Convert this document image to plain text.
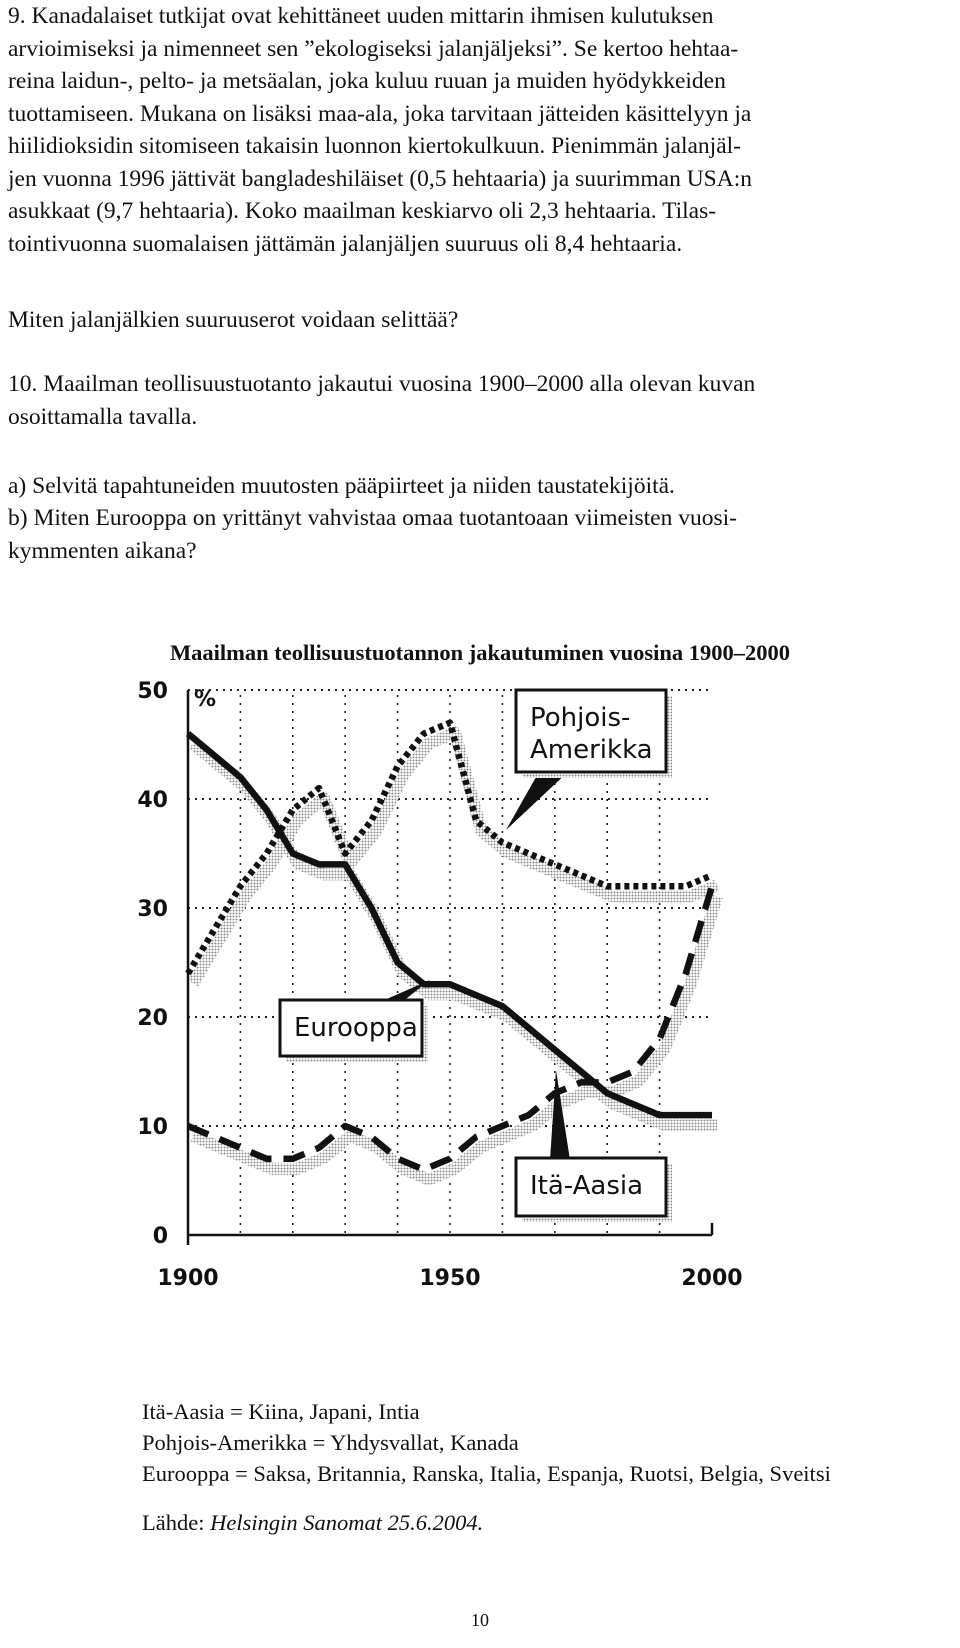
9. Kanadalaiset tutkijat ovat kehittäneet uuden mittarin ihmisen kulutuksen

arvioimiseksi ja nimenneet sen ”ekologiseksi jalanjäljeksi”. Se kertoo hehtaa-

reina laidun-, pelto- ja metsäalan, joka kuluu ruuan ja muiden hyödykkeiden

tuottamiseen. Mukana on lisäksi maa-ala, joka tarvitaan jätteiden käsittelyyn ja

hiilidioksidin sitomiseen takaisin luonnon kiertokulkuun. Pienimmän jalanjäl-

jen vuonna 1996 jättivät bangladeshiläiset (0,5 hehtaaria) ja suurimman USA:n

asukkaat (9,7 hehtaaria). Koko maailman keskiarvo oli 2,3 hehtaaria. Tilas-

tointivuonna suomalaisen jättämän jalanjäljen suuruus oli 8,4 hehtaaria.

Miten jalanjälkien suuruuserot voidaan selittää?

10. Maailman teollisuustuotanto jakautui vuosina 1900–2000 alla olevan kuvan

osoittamalla tavalla.

a) Selvitä tapahtuneiden muutosten pääpiirteet ja niiden taustatekijöitä.

b) Miten Eurooppa on yrittänyt vahvistaa omaa tuotantoaan viimeisten vuosi-

kymmenten aikana?

Maailman teollisuustuotannon jakautuminen vuosina 1900–2000
50
40
30
20
10
0
%
1900	1950	2000
Pohjois-
Amerikka
Eurooppa
Itä-Aasia
Itä-Aasia = Kiina, Japani, Intia
Pohjois-Amerikka = Yhdysvallat, Kanada
Eurooppa = Saksa, Britannia, Ranska, Italia, Espanja, Ruotsi, Belgia, Sveitsi
Lähde: Helsingin Sanomat 25.6.2004.
10
